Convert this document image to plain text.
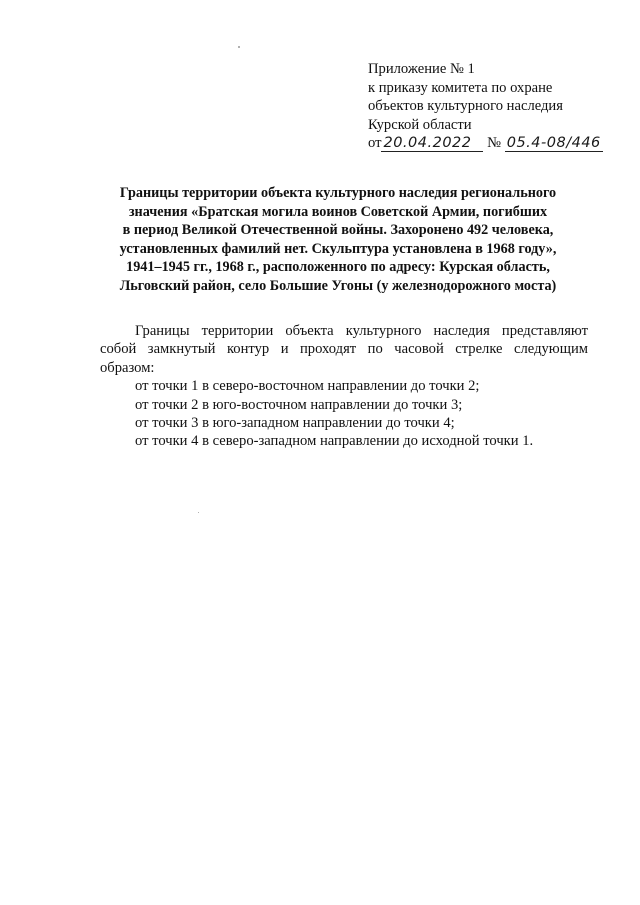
Приложение № 1
к приказу комитета по охране
объектов культурного наследия
Курской области
от 20.04.2022 № 05.4-08/446
Границы территории объекта культурного наследия регионального
значения «Братская могила воинов Советской Армии, погибших
в период Великой Отечественной войны. Захоронено 492 человека,
установленных фамилий нет. Скульптура установлена в 1968 году»,
1941–1945 гг., 1968 г., расположенного по адресу: Курская область,
Льговский район, село Большие Угоны (у железнодорожного моста)
Границы территории объекта культурного наследия представляют
собой замкнутый контур и проходят по часовой стрелке следующим
образом:
от точки 1 в северо-восточном направлении до точки 2;
от точки 2 в юго-восточном направлении до точки 3;
от точки 3 в юго-западном направлении до точки 4;
от точки 4 в северо-западном направлении до исходной точки 1.
